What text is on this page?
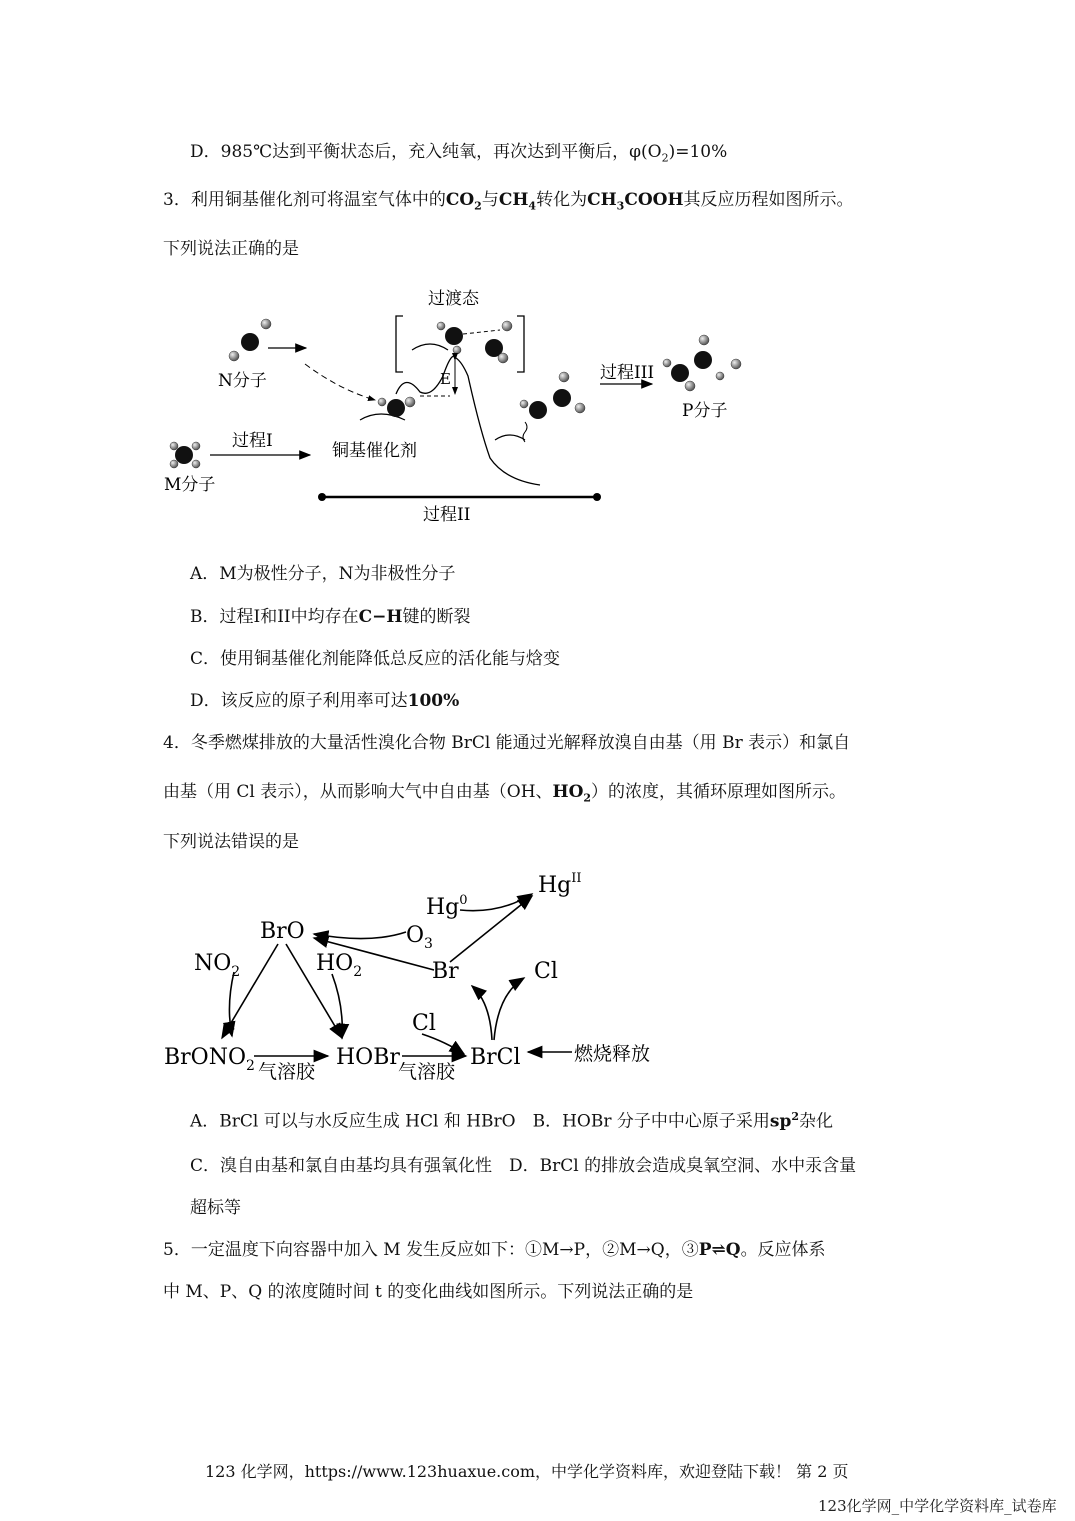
D．985℃达到平衡状态后，充入纯氧，再次达到平衡后，$\varphi(O_2)=10\%$
3．利用铜基催化剂可将温室气体中的$CO_2$与$CH_4$转化为$CH_3COOH$其反应历程如图所示。
下列说法正确的是
过渡态
N分子	E	过程III
P分子
M分子
过程I	铜基催化剂
过程II
A．M为极性分子，N为非极性分子
B．过程I和II中均存在C−H键的断裂
C．使用铜基催化剂能降低总反应的活化能与焓变
D．该反应的原子利用率可达100%
4．冬季燃煤排放的大量活性溴化合物 BrCl 能通过光解释放溴自由基（用 Br 表示）和氯自
由基（用 Cl 表示），从而影响大气中自由基（OH、$HO_2$）的浓度，其循环原理如图所示。
下列说法错误的是
Hg$^0$
$Hg^{II}$
BrO	$O_3$
$NO_2$	$HO_2$	Br	Cl
Cl
BrONO$_2$	HOBr	BrCl
气溶胶	气溶胶
燃烧释放
A．BrCl 可以与水反应生成 HCl 和 HBrO　B．HOBr 分子中中心原子采用$sp^2$杂化
C．溴自由基和氯自由基均具有强氧化性　D．BrCl 的排放会造成臭氧空洞、水中汞含量
超标等
5．一定温度下向容器中加入 M 发生反应如下：①M→P，②M→Q，③P⇌Q。反应体系
中 M、P、Q 的浓度随时间 t 的变化曲线如图所示。下列说法正确的是
123 化学网，https://www.123huaxue.com，中学化学资料库，欢迎登陆下载！ 第 2 页
123化学网_中学化学资料库_试卷库
